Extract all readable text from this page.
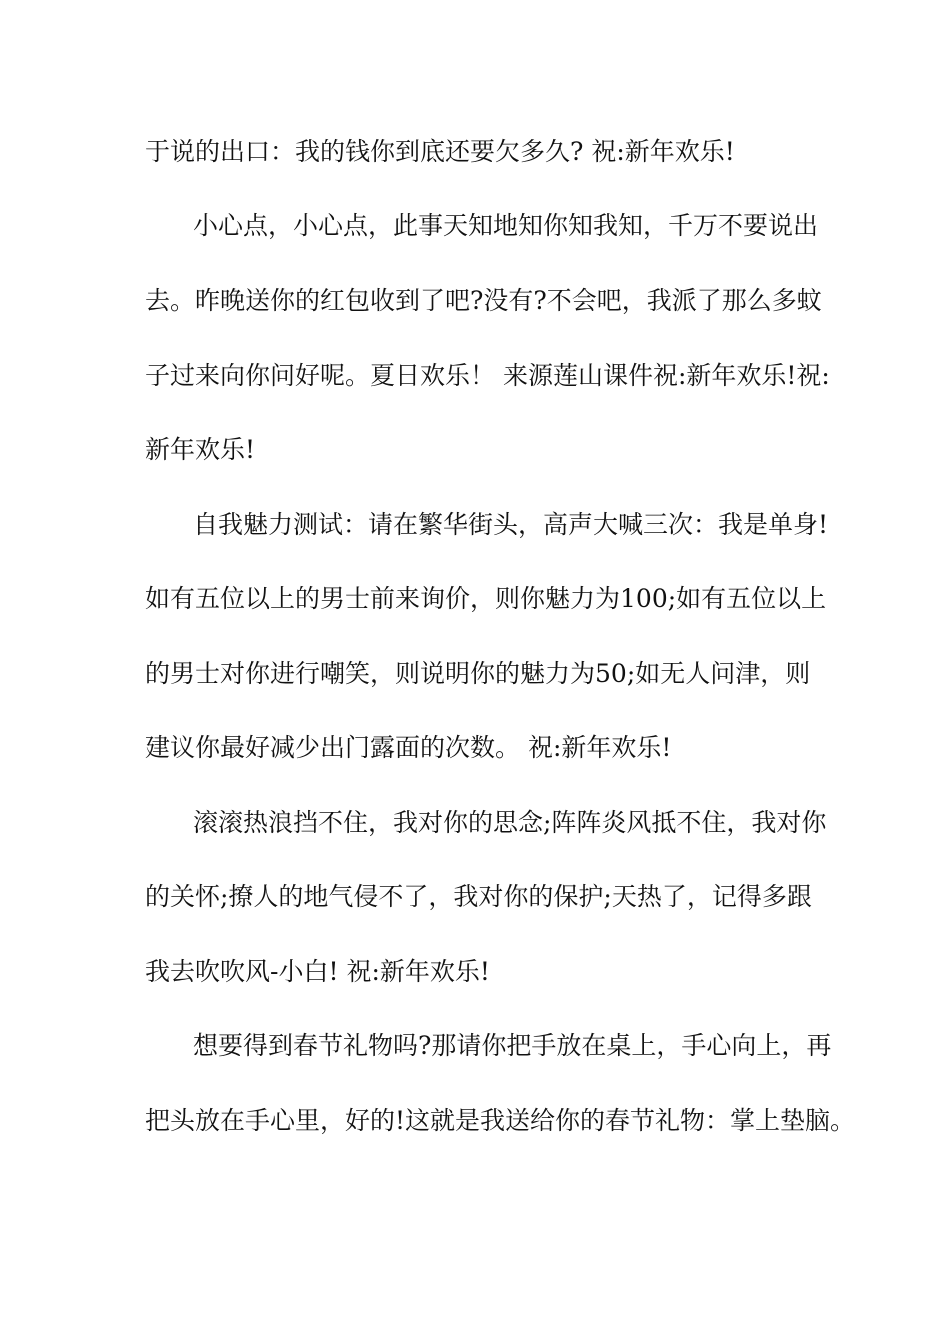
于说的出口：我的钱你到底还要欠多久? 祝:新年欢乐!
小心点，小心点，此事天知地知你知我知，千万不要说出
去。昨晚送你的红包收到了吧?没有?不会吧，我派了那么多蚊
子过来向你问好呢。夏日欢乐！ 来源莲山课件祝:新年欢乐!祝:
新年欢乐!
自我魅力测试：请在繁华街头，高声大喊三次：我是单身!
如有五位以上的男士前来询价，则你魅力为100;如有五位以上
的男士对你进行嘲笑，则说明你的魅力为50;如无人问津，则
建议你最好减少出门露面的次数。 祝:新年欢乐!
滚滚热浪挡不住，我对你的思念;阵阵炎风抵不住，我对你
的关怀;撩人的地气侵不了，我对你的保护;天热了，记得多跟
我去吹吹风-小白! 祝:新年欢乐!
想要得到春节礼物吗?那请你把手放在桌上，手心向上，再
把头放在手心里，好的!这就是我送给你的春节礼物：掌上垫脑。
